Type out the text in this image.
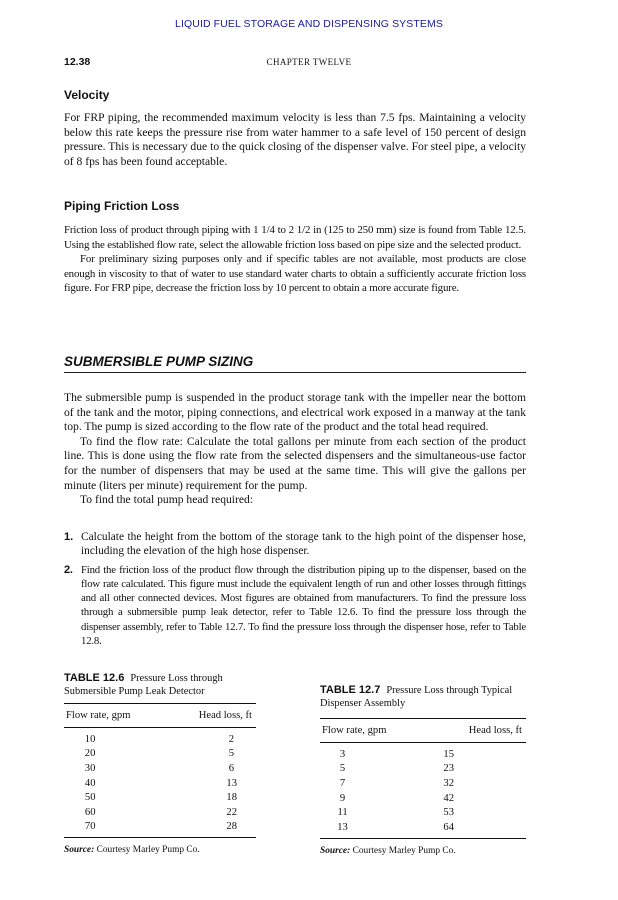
LIQUID FUEL STORAGE AND DISPENSING SYSTEMS
12.38	CHAPTER TWELVE
Velocity
For FRP piping, the recommended maximum velocity is less than 7.5 fps. Maintaining a velocity below this rate keeps the pressure rise from water hammer to a safe level of 150 percent of design pressure. This is necessary due to the quick closing of the dispenser valve. For steel pipe, a velocity of 8 fps has been found acceptable.
Piping Friction Loss
Friction loss of product through piping with 1 1/4 to 2 1/2 in (125 to 250 mm) size is found from Table 12.5. Using the established flow rate, select the allowable friction loss based on pipe size and the selected product.
For preliminary sizing purposes only and if specific tables are not available, most products are close enough in viscosity to that of water to use standard water charts to obtain a sufficiently accurate friction loss figure. For FRP pipe, decrease the friction loss by 10 percent to obtain a more accurate figure.
SUBMERSIBLE PUMP SIZING
The submersible pump is suspended in the product storage tank with the impeller near the bottom of the tank and the motor, piping connections, and electrical work exposed in a manway at the tank top. The pump is sized according to the flow rate of the product and the total head required.
To find the flow rate: Calculate the total gallons per minute from each section of the product line. This is done using the flow rate from the selected dispensers and the simultaneous-use factor for the number of dispensers that may be used at the same time. This will give the gallons per minute (liters per minute) requirement for the pump.
To find the total pump head required:
1. Calculate the height from the bottom of the storage tank to the high point of the dispenser hose, including the elevation of the high hose dispenser.
2. Find the friction loss of the product flow through the distribution piping up to the dispenser, based on the flow rate calculated. This figure must include the equivalent length of run and other losses through fittings and all other connected devices. Most figures are obtained from manufacturers. To find the pressure loss through a submersible pump leak detector, refer to Table 12.6. To find the pressure loss through the dispenser assembly, refer to Table 12.7. To find the pressure loss through the dispenser hose, refer to Table 12.8.
TABLE 12.6 Pressure Loss through Submersible Pump Leak Detector
Flow rate, gpm	Head loss, ft
10	2
20	5
30	6
40	13
50	18
60	22
70	28
Source: Courtesy Marley Pump Co.
TABLE 12.7 Pressure Loss through Typical Dispenser Assembly
Flow rate, gpm	Head loss, ft
3	15
5	23
7	32
9	42
11	53
13	64
Source: Courtesy Marley Pump Co.
